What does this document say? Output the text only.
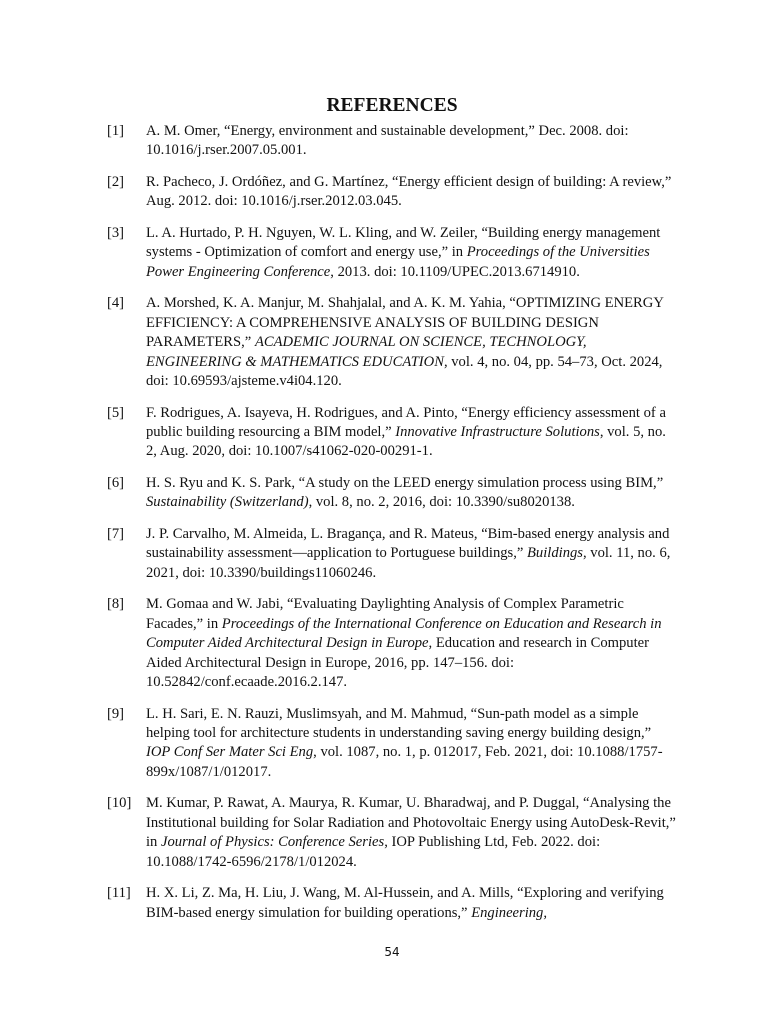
REFERENCES
[1]	A. M. Omer, “Energy, environment and sustainable development,” Dec. 2008. doi: 10.1016/j.rser.2007.05.001.
[2]	R. Pacheco, J. Ordóñez, and G. Martínez, “Energy efficient design of building: A review,” Aug. 2012. doi: 10.1016/j.rser.2012.03.045.
[3]	L. A. Hurtado, P. H. Nguyen, W. L. Kling, and W. Zeiler, “Building energy management systems - Optimization of comfort and energy use,” in Proceedings of the Universities Power Engineering Conference, 2013. doi: 10.1109/UPEC.2013.6714910.
[4]	A. Morshed, K. A. Manjur, M. Shahjalal, and A. K. M. Yahia, “OPTIMIZING ENERGY EFFICIENCY: A COMPREHENSIVE ANALYSIS OF BUILDING DESIGN PARAMETERS,” ACADEMIC JOURNAL ON SCIENCE, TECHNOLOGY, ENGINEERING & MATHEMATICS EDUCATION, vol. 4, no. 04, pp. 54–73, Oct. 2024, doi: 10.69593/ajsteme.v4i04.120.
[5]	F. Rodrigues, A. Isayeva, H. Rodrigues, and A. Pinto, “Energy efficiency assessment of a public building resourcing a BIM model,” Innovative Infrastructure Solutions, vol. 5, no. 2, Aug. 2020, doi: 10.1007/s41062-020-00291-1.
[6]	H. S. Ryu and K. S. Park, “A study on the LEED energy simulation process using BIM,” Sustainability (Switzerland), vol. 8, no. 2, 2016, doi: 10.3390/su8020138.
[7]	J. P. Carvalho, M. Almeida, L. Bragança, and R. Mateus, “Bim-based energy analysis and sustainability assessment—application to Portuguese buildings,” Buildings, vol. 11, no. 6, 2021, doi: 10.3390/buildings11060246.
[8]	M. Gomaa and W. Jabi, “Evaluating Daylighting Analysis of Complex Parametric Facades,” in Proceedings of the International Conference on Education and Research in Computer Aided Architectural Design in Europe, Education and research in Computer Aided Architectural Design in Europe, 2016, pp. 147–156. doi: 10.52842/conf.ecaade.2016.2.147.
[9]	L. H. Sari, E. N. Rauzi, Muslimsyah, and M. Mahmud, “Sun-path model as a simple helping tool for architecture students in understanding saving energy building design,” IOP Conf Ser Mater Sci Eng, vol. 1087, no. 1, p. 012017, Feb. 2021, doi: 10.1088/1757-899x/1087/1/012017.
[10]	M. Kumar, P. Rawat, A. Maurya, R. Kumar, U. Bharadwaj, and P. Duggal, “Analysing the Institutional building for Solar Radiation and Photovoltaic Energy using AutoDesk-Revit,” in Journal of Physics: Conference Series, IOP Publishing Ltd, Feb. 2022. doi: 10.1088/1742-6596/2178/1/012024.
[11]	H. X. Li, Z. Ma, H. Liu, J. Wang, M. Al-Hussein, and A. Mills, “Exploring and verifying BIM-based energy simulation for building operations,” Engineering,
54
